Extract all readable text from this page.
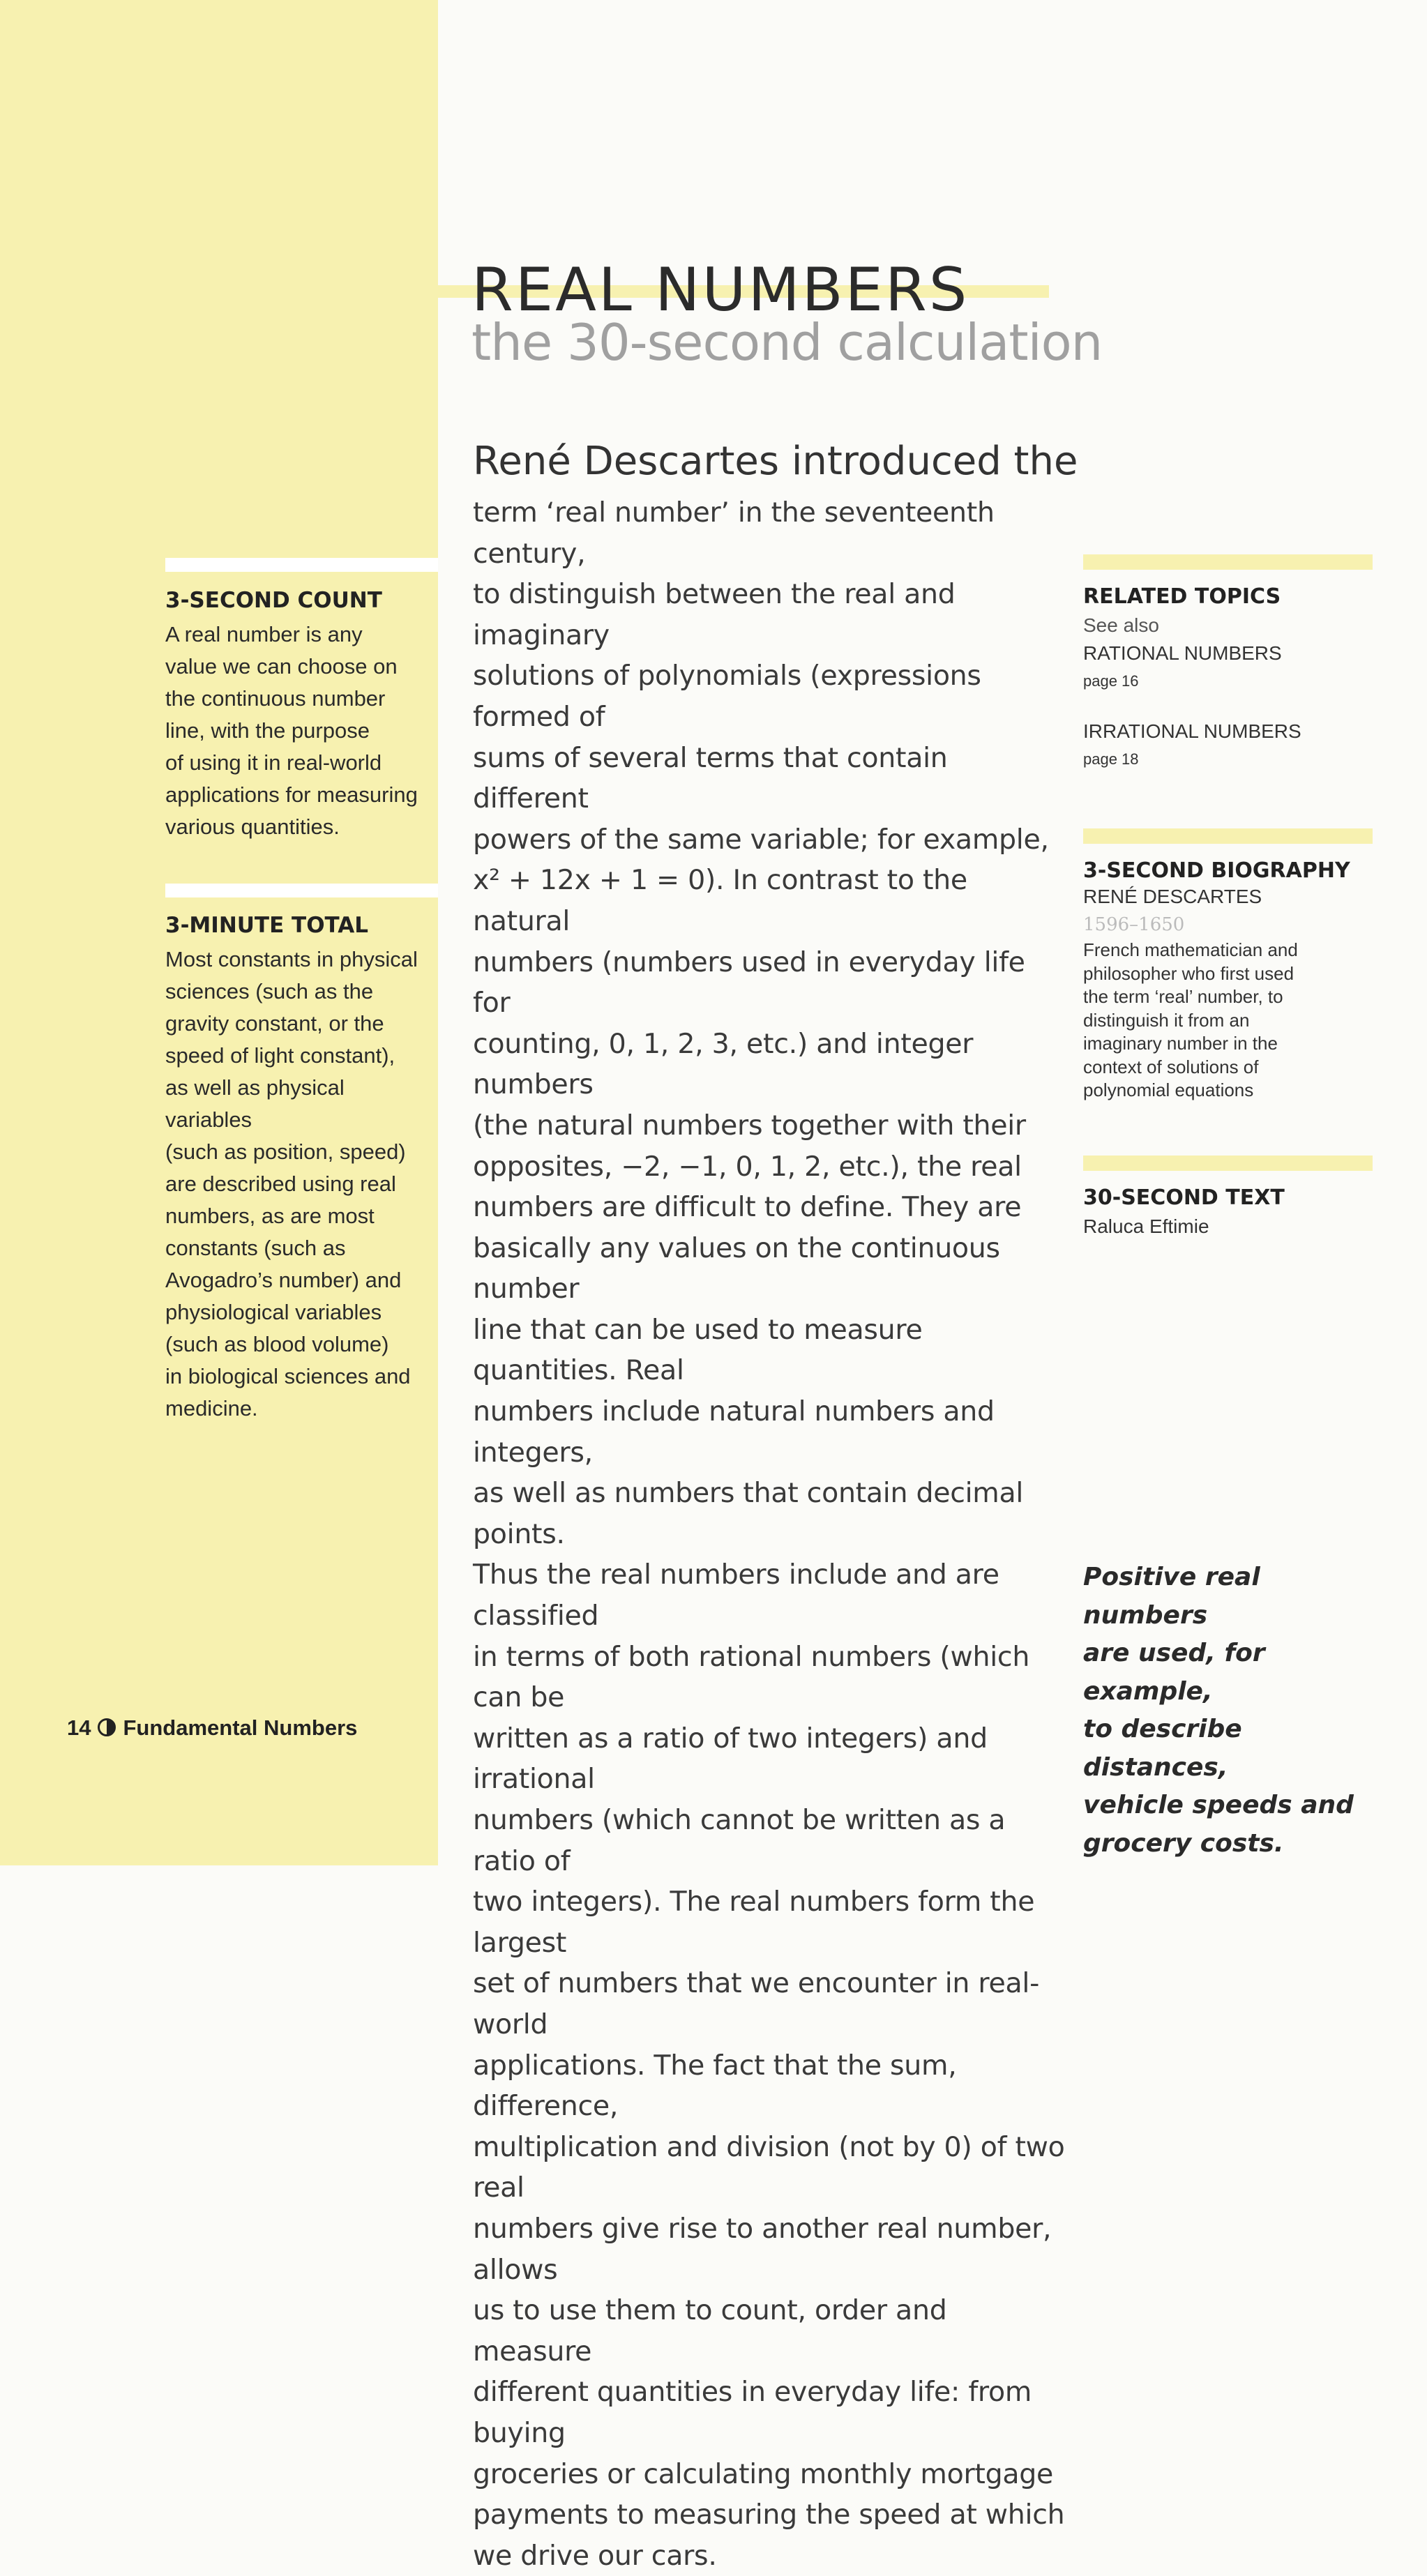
REAL NUMBERS
the 30-second calculation
3-SECOND COUNT
A real number is any
value we can choose on
the continuous number
line, with the purpose
of using it in real-world
applications for measuring
various quantities.
3-MINUTE TOTAL
Most constants in physical
sciences (such as the
gravity constant, or the
speed of light constant),
as well as physical variables
(such as position, speed)
are described using real
numbers, as are most
constants (such as
Avogadro’s number) and
physiological variables
(such as blood volume)
in biological sciences and
medicine.
René Descartes introduced the
term ‘real number’ in the seventeenth century,
to distinguish between the real and imaginary
solutions of polynomials (expressions formed of
sums of several terms that contain different
powers of the same variable; for example,
x² + 12x + 1 = 0). In contrast to the natural
numbers (numbers used in everyday life for
counting, 0, 1, 2, 3, etc.) and integer numbers
(the natural numbers together with their
opposites, −2, −1, 0, 1, 2, etc.), the real
numbers are difficult to define. They are
basically any values on the continuous number
line that can be used to measure quantities. Real
numbers include natural numbers and integers,
as well as numbers that contain decimal points.
Thus the real numbers include and are classified
in terms of both rational numbers (which can be
written as a ratio of two integers) and irrational
numbers (which cannot be written as a ratio of
two integers). The real numbers form the largest
set of numbers that we encounter in real-world
applications. The fact that the sum, difference,
multiplication and division (not by 0) of two real
numbers give rise to another real number, allows
us to use them to count, order and measure
different quantities in everyday life: from buying
groceries or calculating monthly mortgage
payments to measuring the speed at which
we drive our cars.
RELATED TOPICS
See also
RATIONAL NUMBERS
page 16
IRRATIONAL NUMBERS
page 18
3-SECOND BIOGRAPHY
RENÉ DESCARTES
1596–1650
French mathematician and
philosopher who first used
the term ‘real’ number, to
distinguish it from an
imaginary number in the
context of solutions of
polynomial equations
30-SECOND TEXT
Raluca Eftimie
Positive real numbers
are used, for example,
to describe distances,
vehicle speeds and
grocery costs.
14 Fundamental Numbers
